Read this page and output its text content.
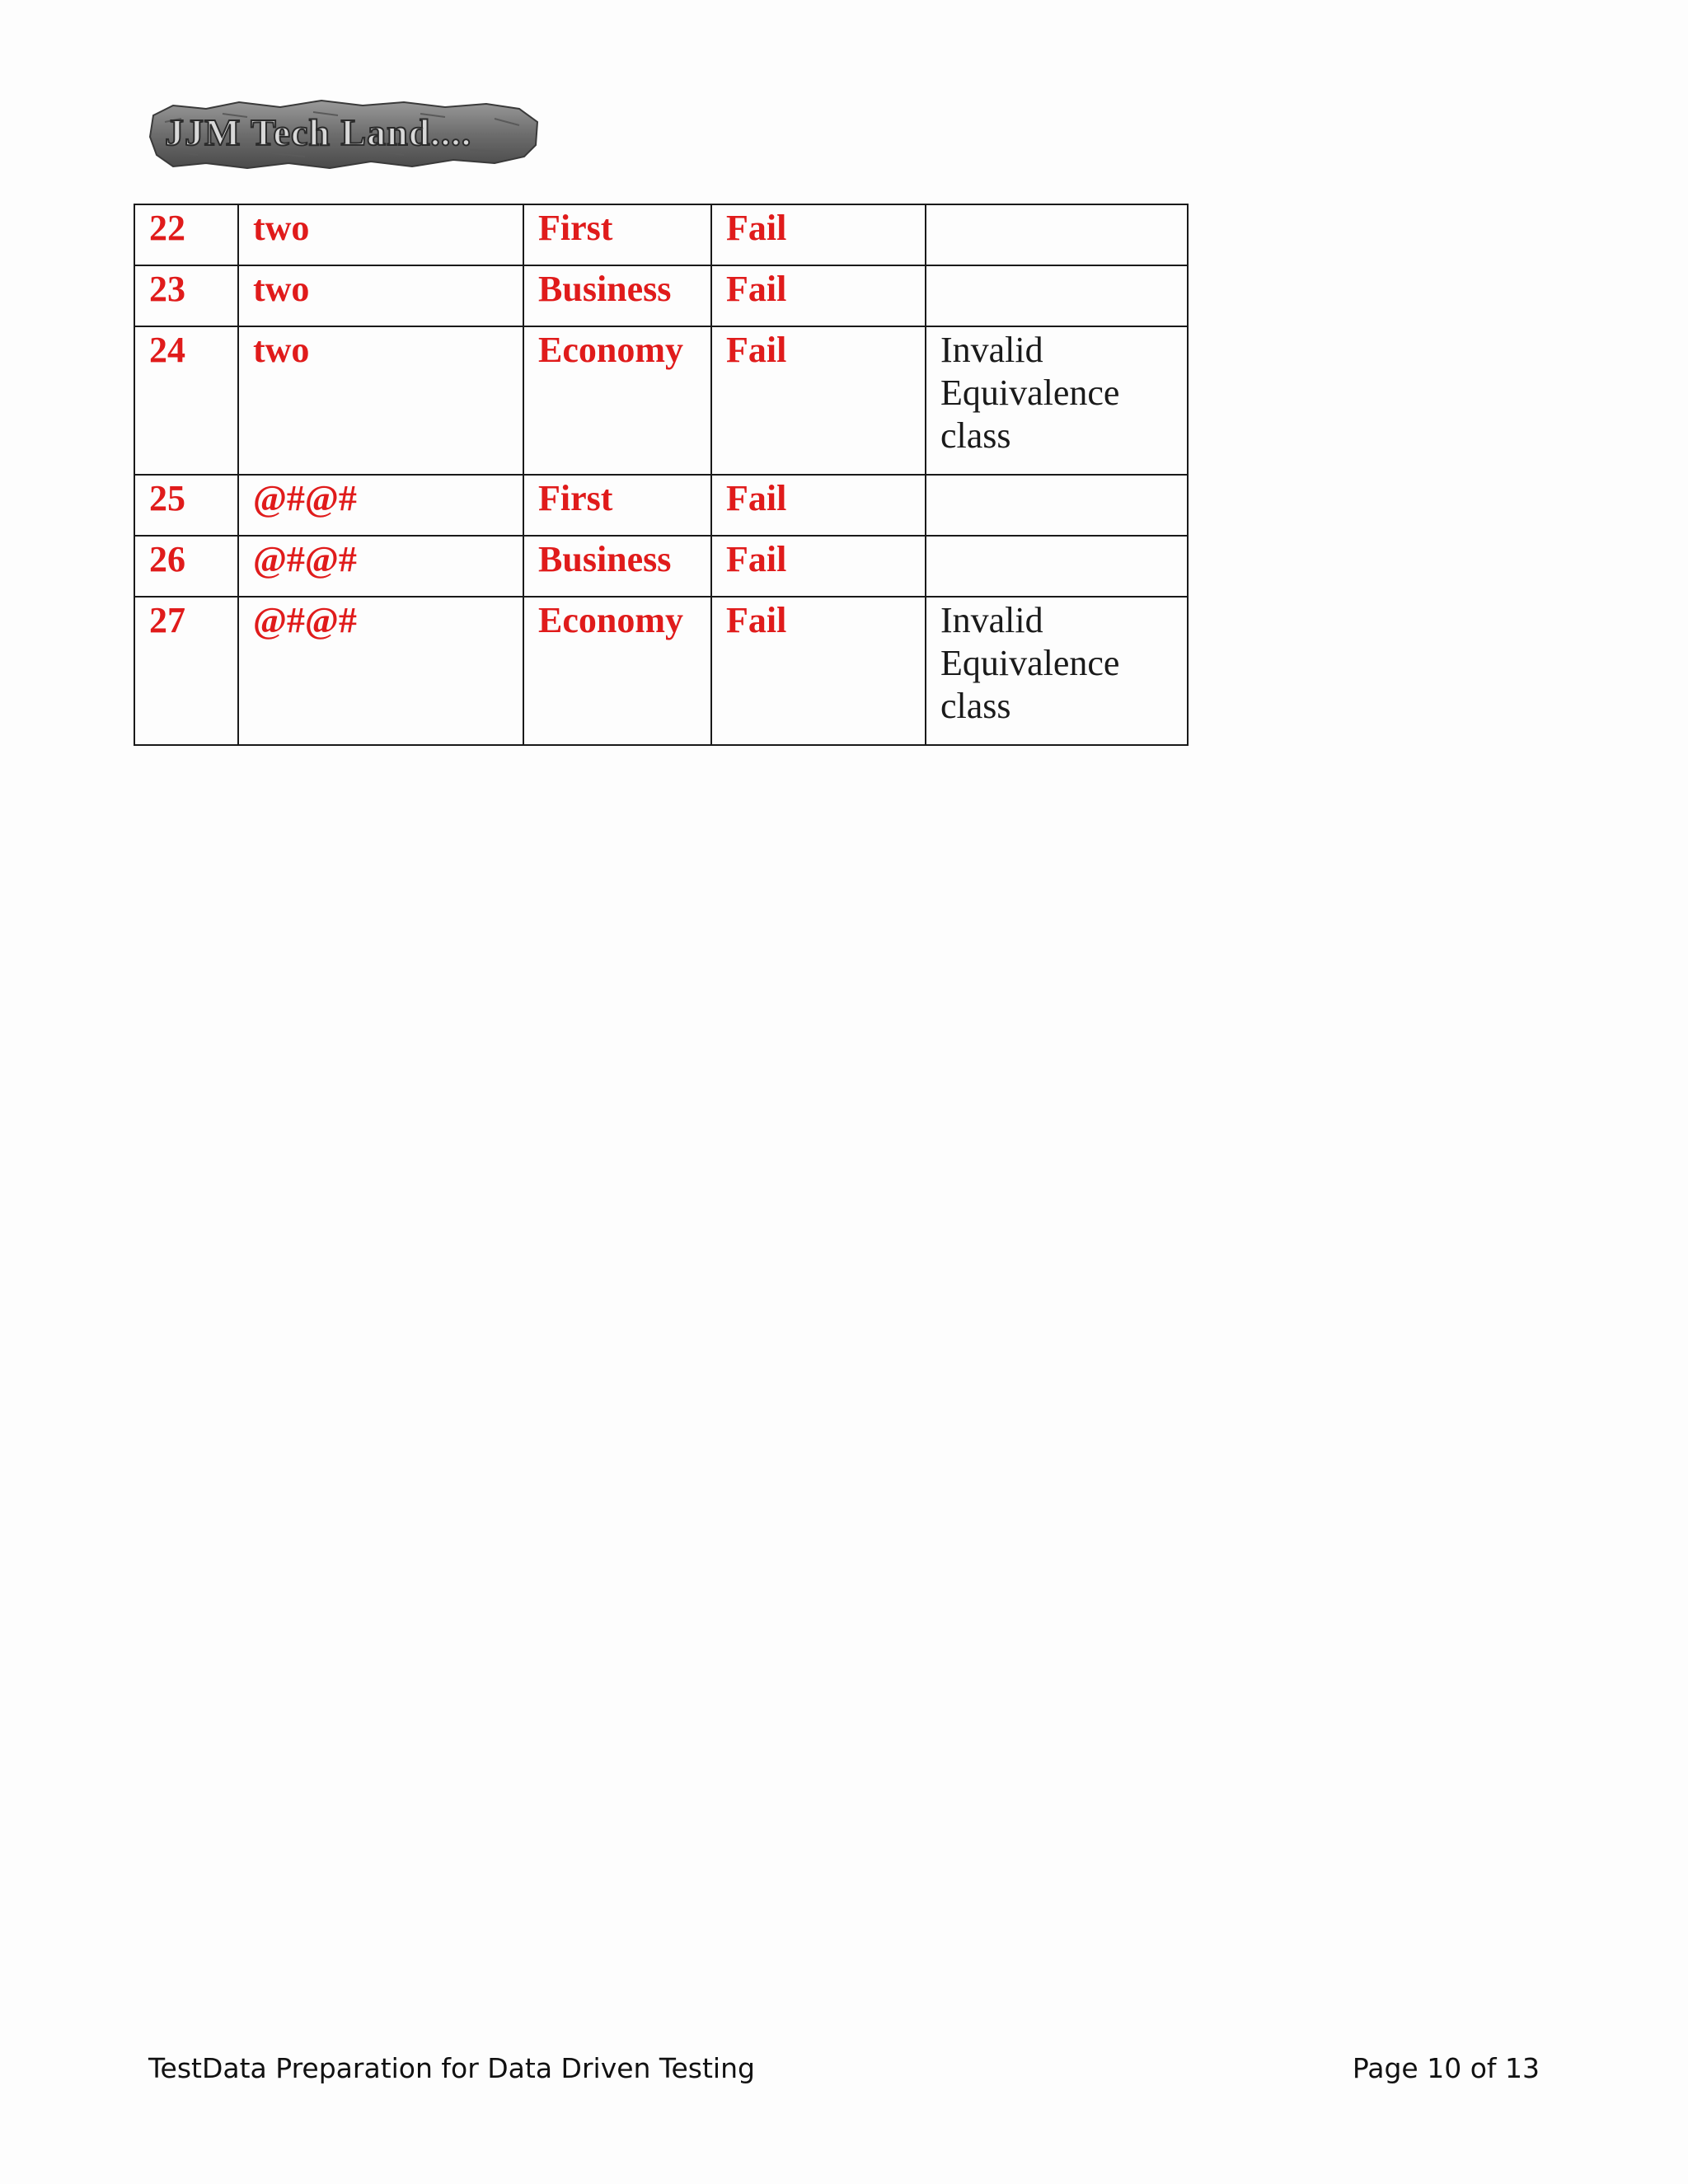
JJM Tech Land....
22	two	First	Fail	
23	two	Business	Fail	
24	two	Economy	Fail	Invalid Equivalence class
25	@#@#	First	Fail	
26	@#@#	Business	Fail	
27	@#@#	Economy	Fail	Invalid Equivalence class
TestData Preparation for Data Driven Testing	Page 10 of 13
